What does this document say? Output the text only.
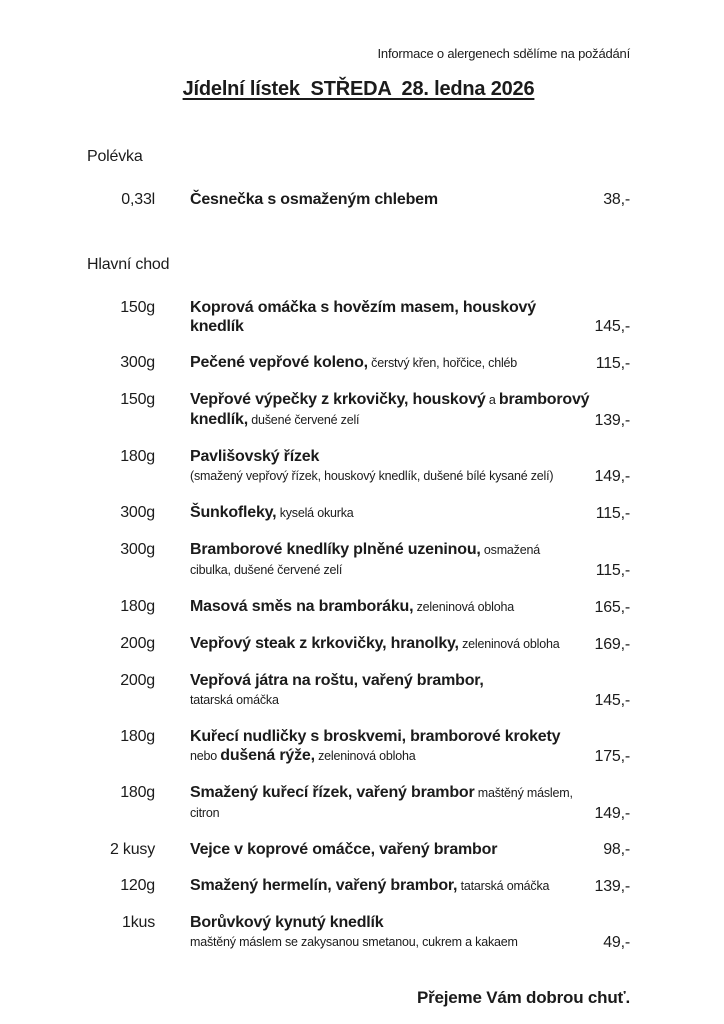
Informace o alergenech sdělíme na požádání
Jídelní lístek  STŘEDA  28. ledna 2026
Polévka
0,33l Česnečka s osmaženým chlebem	38,-
Hlavní chod
150g Koprová omáčka s hovězím masem, houskový
knedlík	145,-
300g Pečené vepřové koleno, čerstvý křen, hořčice, chléb	115,-
150g Vepřové výpečky z krkovičky, houskový a bramborový
knedlík, dušené červené zelí	139,-
180g Pavlišovský řízek
(smažený vepřový řízek, houskový knedlík, dušené bílé kysané zelí)	149,-
300g Šunkofleky, kyselá okurka	115,-
300g Bramborové knedlíky plněné uzeninou, osmažená
cibulka, dušené červené zelí	115,-
180g Masová směs na bramboráku, zeleninová obloha	165,-
200g Vepřový steak z krkovičky, hranolky, zeleninová obloha	169,-
200g Vepřová játra na roštu, vařený brambor,
tatarská omáčka	145,-
180g Kuřecí nudličky s broskvemi, bramborové krokety
nebo dušená rýže, zeleninová obloha	175,-
180g Smažený kuřecí řízek, vařený brambor maštěný máslem,
citron	149,-
2 kusy Vejce v koprové omáčce, vařený brambor	98,-
120g Smažený hermelín, vařený brambor, tatarská omáčka	139,-
1kus Borůvkový kynutý knedlík
maštěný máslem se zakysanou smetanou, cukrem a kakaem	49,-
Přejeme Vám dobrou chuť.
